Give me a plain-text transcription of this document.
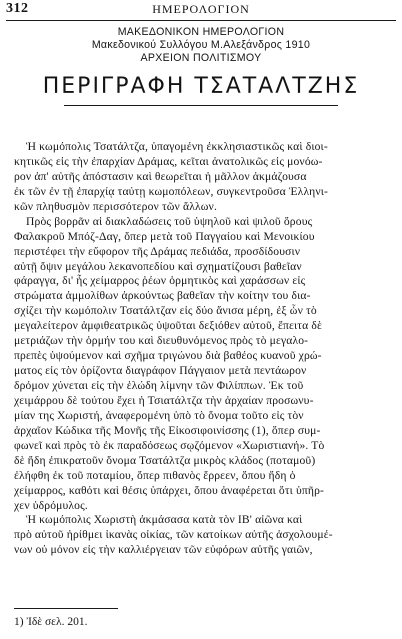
312	ΗΜΕΡΟΛΟΓΙΟΝ
ΜΑΚΕΔΟΝΙΚΟΝ ΗΜΕΡΟΛΟΓΙΟΝ
Μακεδονικού Συλλόγου Μ.Αλεξάνδρος 1910
ΑΡΧΕΙΟΝ ΠΟΛΙΤΙΣΜΟΥ
ΠΕΡΙΓΡΑΦΗ ΤΣΑΤΑΛΤΖΗΣ
Ἡ κωμόπολις Τσατάλτζα, ὑπαγομένη ἐκκλησιαστικῶς καὶ διοι-
κητικῶς εἰς τὴν ἐπαρχίαν Δράμας, κεῖται ἀνατολικῶς εἰς μονόω-
ρον ἀπ' αὐτῆς ἀπόστασιν καὶ θεωρεῖται ἡ μᾶλλον ἀκμάζουσα
ἐκ τῶν ἐν τῇ ἐπαρχίᾳ ταύτῃ κωμοπόλεων, συγκεντροῦσα Ἑλληνι-
κῶν πληθυσμὸν περισσότερον τῶν ἄλλων.
Πρὸς βορρᾶν αἱ διακλαδώσεις τοῦ ὑψηλοῦ καὶ ψιλοῦ ὄρους
Φαλακροῦ Μπόζ-Δαγ, ὅπερ μετὰ τοῦ Παγγαίου καὶ Μενοικίου
περιστέφει τὴν εὔφορον τῆς Δράμας πεδιάδα, προσδίδουσιν
αὐτῇ ὄψιν μεγάλου λεκανοπεδίου καὶ σχηματίζουσι βαθεῖαν
φάραγγα, δι' ἧς χείμαρρος ῥέων ὁρμητικὸς καὶ χαράσσων εἰς
στρώματα ἀμμολίθων ἀρκούντως βαθεῖαν τὴν κοίτην του δια-
σχίζει τὴν κωμόπολιν Τσατάλτζαν εἰς δύο ἄνισα μέρη, ἐξ ὧν τὸ
μεγαλείτερον ἀμφιθεατρικῶς ὑψοῦται δεξιόθεν αὐτοῦ, ἔπειτα δὲ
μετριάζων τὴν ὁρμήν του καὶ διευθυνόμενος πρὸς τὸ μεγαλο-
πρεπὲς ὑψούμενον καὶ σχῆμα τριγώνου διὰ βαθέος κυανοῦ χρώ-
ματος εἰς τὸν ὁρίζοντα διαγράφον Πάγγαιον μετὰ πεντάωρον
δρόμον χύνεται εἰς τὴν ἑλώδη λίμνην τῶν Φιλίππων. Ἐκ τοῦ
χειμάρρου δὲ τούτου ἔχει ἡ Τσιατάλτζα τὴν ἀρχαίαν προσωνυ-
μίαν της Χωριστή, ἀναφερομένη ὑπὸ τὸ ὄνομα τοῦτο εἰς τὸν
ἀρχαῖον Κώδικα τῆς Μονῆς τῆς Εἰκοσιφοινίσσης (1), ὅπερ συμ-
φωνεῖ καὶ πρὸς τὸ ἐκ παραδόσεως σῳζόμενον «Χωριστιανή». Τὸ
δὲ ἤδη ἐπικρατοῦν ὄνομα Τσατάλτζα μικρὸς κλάδος (ποταμοῦ)
ἐλήφθη ἐκ τοῦ ποταμίου, ὅπερ πιθανὸς ἔρρεεν, ὅπου ἤδη ὁ
χείμαρρος, καθότι καὶ θέσις ὑπάρχει, ὅπου ἀναφέρεται ὅτι ὑπῆρ-
χεν ὑδρόμυλος.
Ἡ κωμόπολις Χωριστὴ ἀκμάσασα κατὰ τὸν ΙΒ' αἰῶνα καὶ
πρὸ αὐτοῦ ἠρίθμει ἱκανὰς οἰκίας, τῶν κατοίκων αὐτῆς ἀσχολουμέ-
νων οὐ μόνον εἰς τὴν καλλιέργειαν τῶν εὐφόρων αὐτῆς γαιῶν,
1) Ἰδὲ σελ. 201.
